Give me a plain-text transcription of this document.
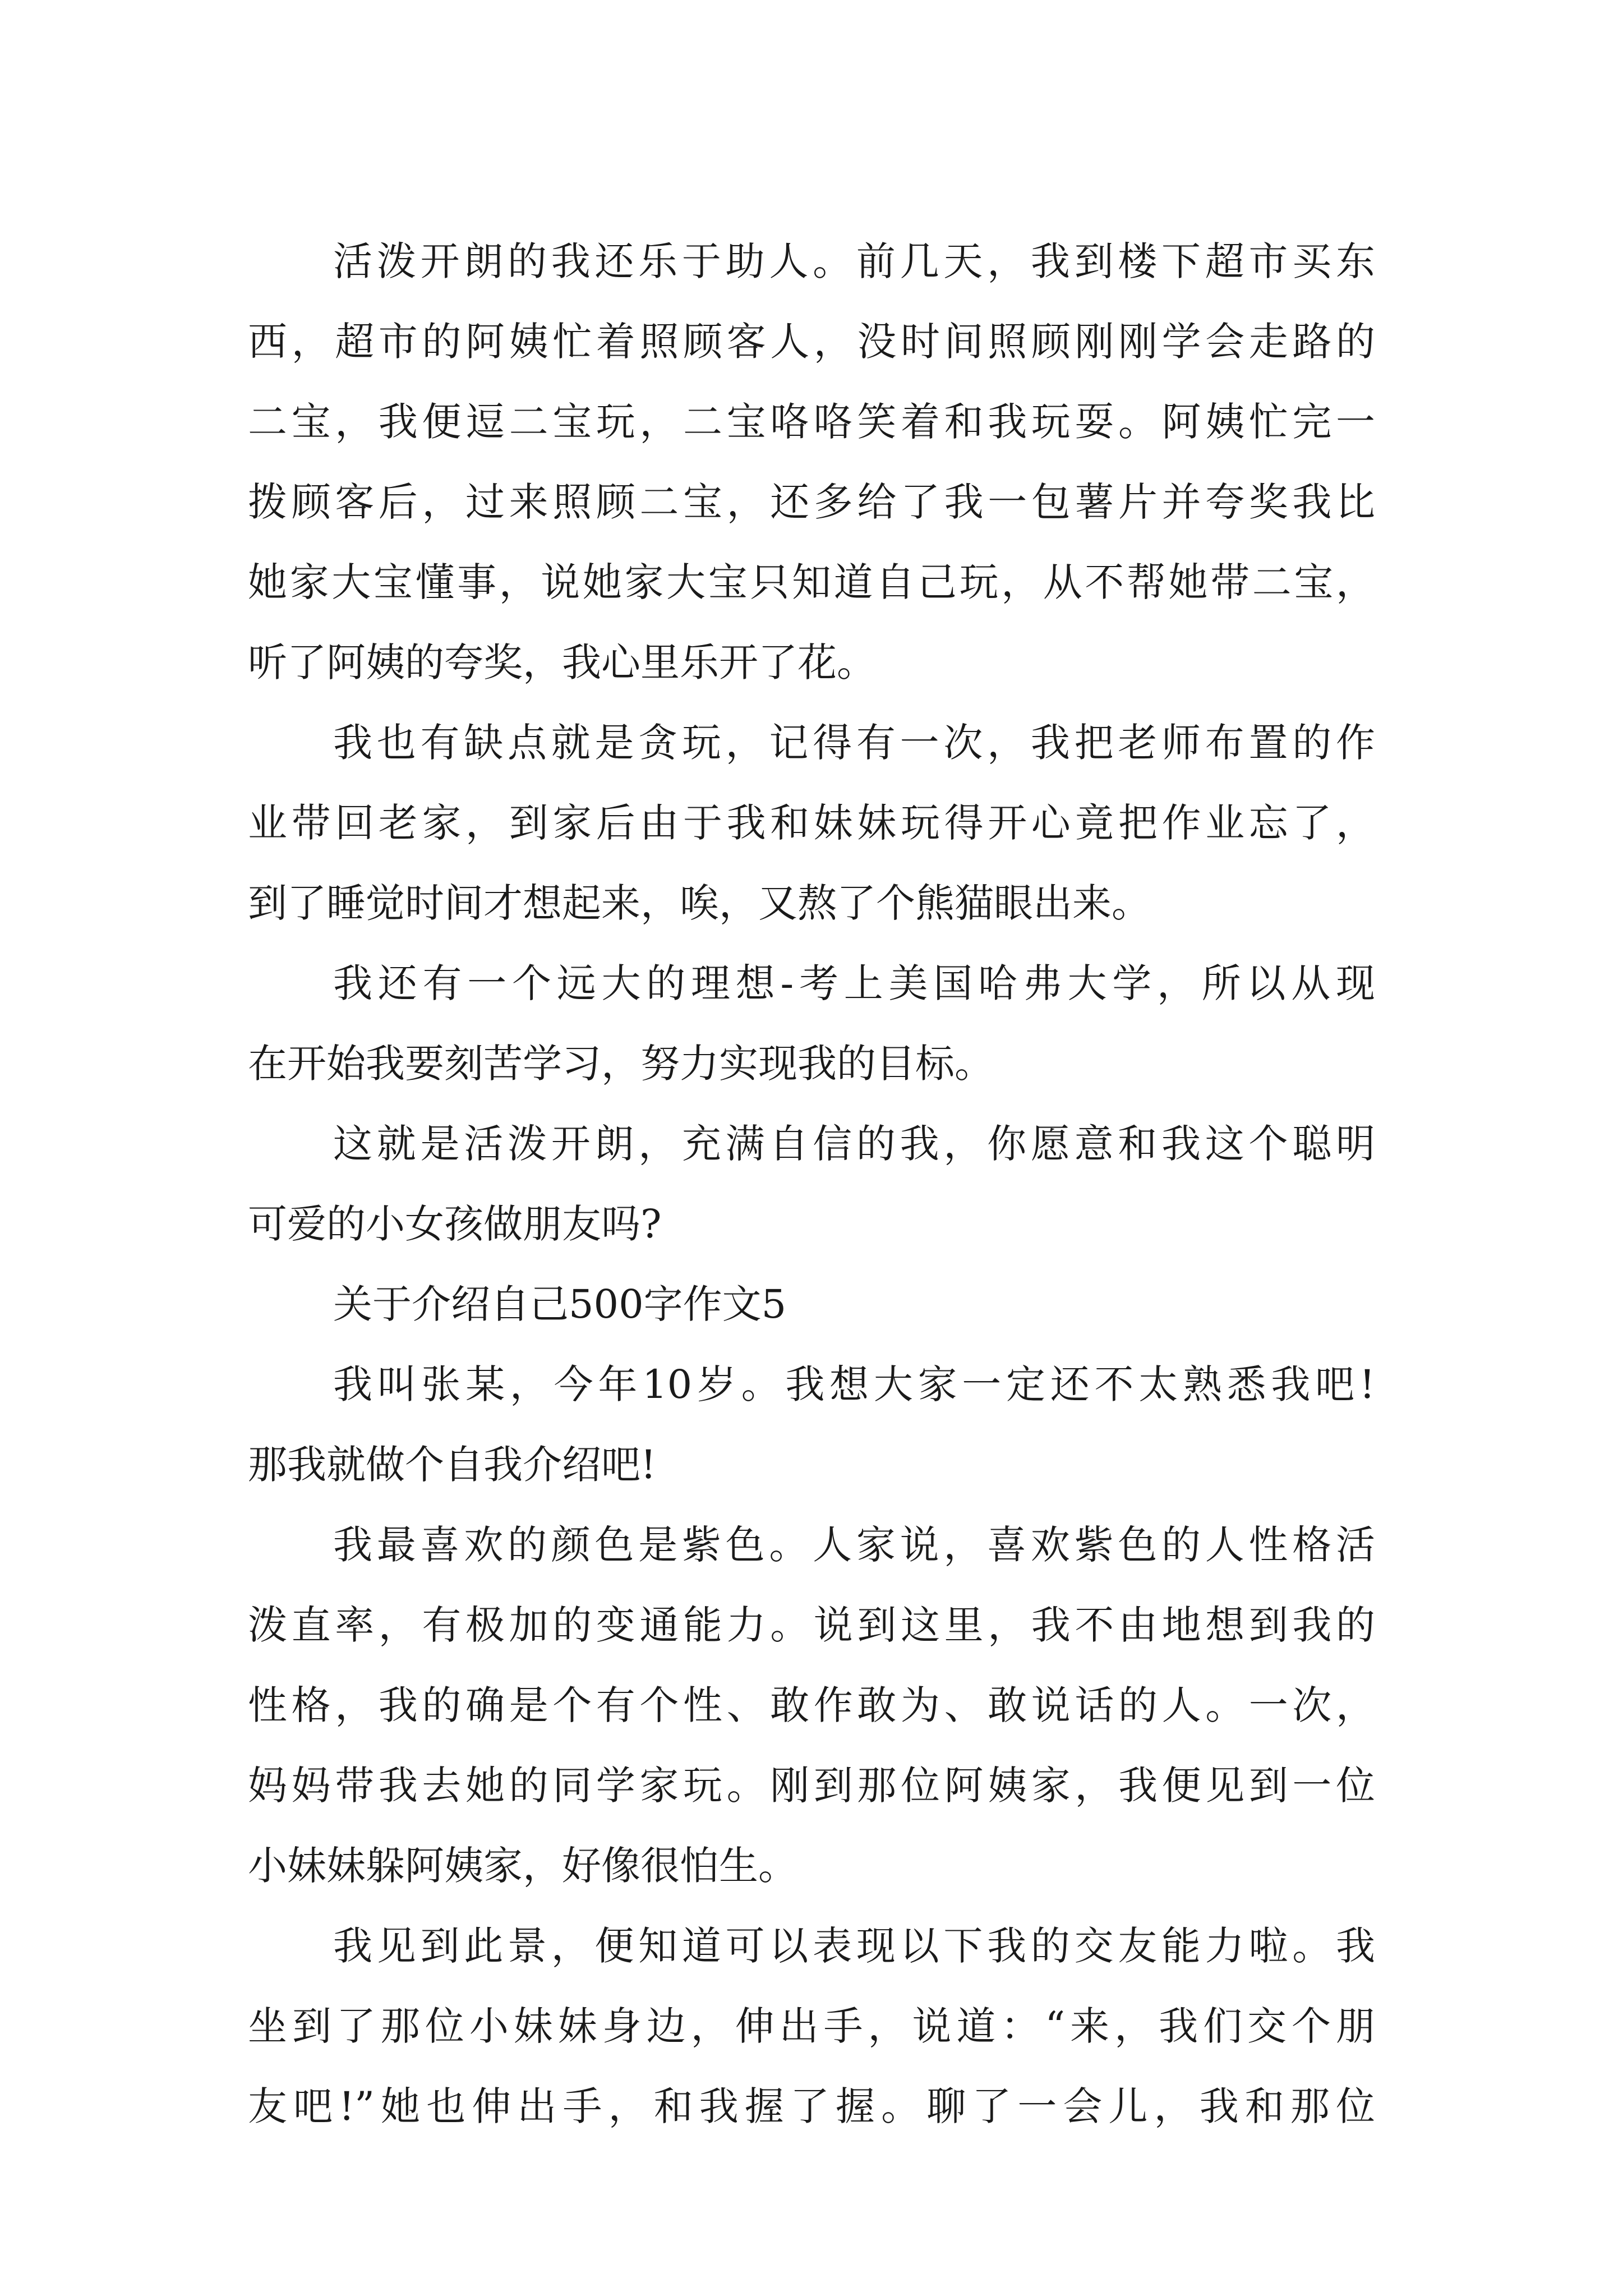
活泼开朗的我还乐于助人。前几天，我到楼下超市买东
西，超市的阿姨忙着照顾客人，没时间照顾刚刚学会走路的
二宝，我便逗二宝玩，二宝咯咯笑着和我玩耍。阿姨忙完一
拨顾客后，过来照顾二宝，还多给了我一包薯片并夸奖我比
她家大宝懂事，说她家大宝只知道自己玩，从不帮她带二宝，
听了阿姨的夸奖，我心里乐开了花。
我也有缺点就是贪玩，记得有一次，我把老师布置的作
业带回老家，到家后由于我和妹妹玩得开心竟把作业忘了，
到了睡觉时间才想起来，唉，又熬了个熊猫眼出来。
我还有一个远大的理想-考上美国哈弗大学，所以从现
在开始我要刻苦学习，努力实现我的目标。
这就是活泼开朗，充满自信的我，你愿意和我这个聪明
可爱的小女孩做朋友吗?
关于介绍自己500字作文5
我叫张某，今年10岁。我想大家一定还不太熟悉我吧!
那我就做个自我介绍吧!
我最喜欢的颜色是紫色。人家说，喜欢紫色的人性格活
泼直率，有极加的变通能力。说到这里，我不由地想到我的
性格，我的确是个有个性、敢作敢为、敢说话的人。一次，
妈妈带我去她的同学家玩。刚到那位阿姨家，我便见到一位
小妹妹躲阿姨家，好像很怕生。
我见到此景，便知道可以表现以下我的交友能力啦。我
坐到了那位小妹妹身边，伸出手，说道：“来，我们交个朋
友吧!”她也伸出手，和我握了握。聊了一会儿，我和那位
